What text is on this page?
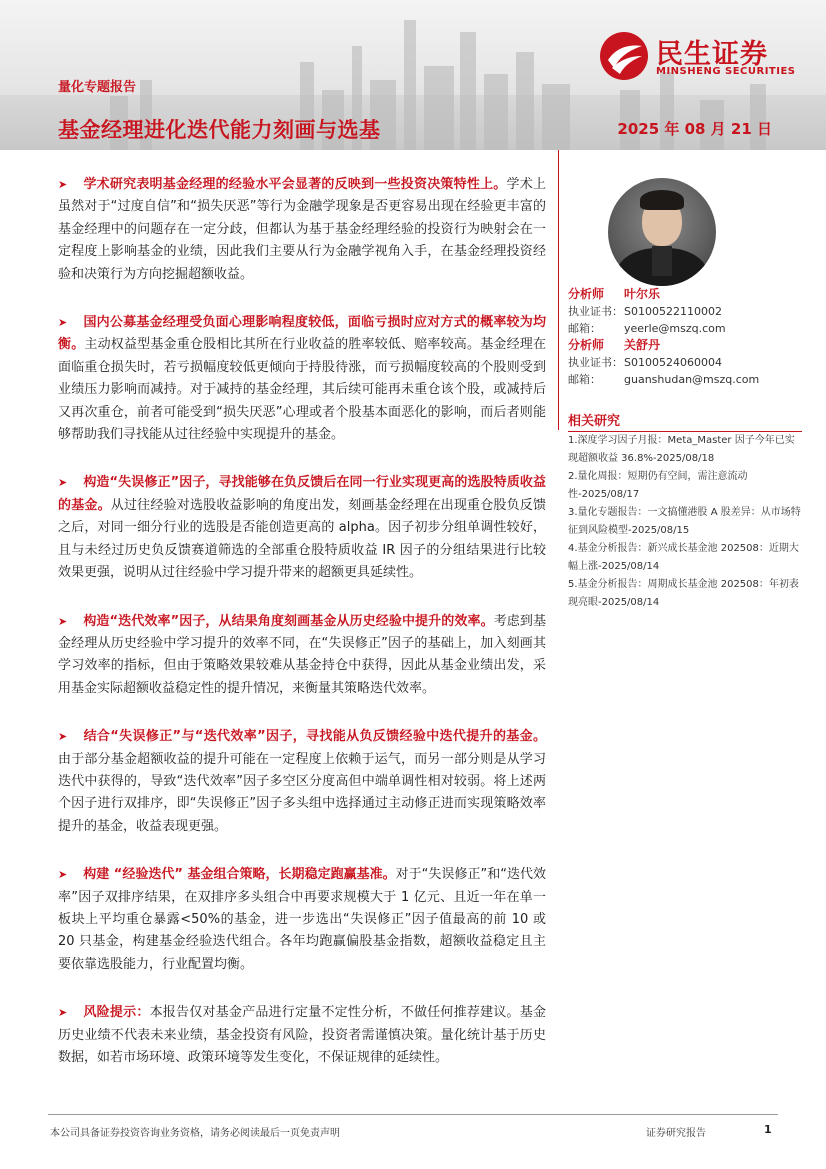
民生证券
MINSHENG SECURITIES
量化专题报告
基金经理进化迭代能力刻画与选基	2025 年 08 月 21 日

➤ 学术研究表明基金经理的经验水平会显著的反映到一些投资决策特性上。学术上虽然对于“过度自信”和“损失厌恶”等行为金融学现象是否更容易出现在经验更丰富的基金经理中的问题存在一定分歧，但都认为基于基金经理经验的投资行为映射会在一定程度上影响基金的业绩，因此我们主要从行为金融学视角入手，在基金经理投资经验和决策行为方向挖掘超额收益。

➤ 国内公募基金经理受负面心理影响程度较低，面临亏损时应对方式的概率较为均衡。主动权益型基金重仓股相比其所在行业收益的胜率较低、赔率较高。基金经理在面临重仓损失时，若亏损幅度较低更倾向于持股待涨，而亏损幅度较高的个股则受到业绩压力影响而减持。对于减持的基金经理，其后续可能再未重仓该个股，或减持后又再次重仓，前者可能受到“损失厌恶”心理或者个股基本面恶化的影响，而后者则能够帮助我们寻找能从过往经验中实现提升的基金。

➤ 构造“失误修正”因子，寻找能够在负反馈后在同一行业实现更高的选股特质收益的基金。从过往经验对选股收益影响的角度出发，刻画基金经理在出现重仓股负反馈之后，对同一细分行业的选股是否能创造更高的 alpha。因子初步分组单调性较好，且与未经过历史负反馈赛道筛选的全部重仓股特质收益 IR 因子的分组结果进行比较效果更强，说明从过往经验中学习提升带来的超额更具延续性。

➤ 构造“迭代效率”因子，从结果角度刻画基金从历史经验中提升的效率。考虑到基金经理从历史经验中学习提升的效率不同，在“失误修正”因子的基础上，加入刻画其学习效率的指标，但由于策略效果较难从基金持仓中获得，因此从基金业绩出发，采用基金实际超额收益稳定性的提升情况，来衡量其策略迭代效率。

➤ 结合“失误修正”与“迭代效率”因子，寻找能从负反馈经验中迭代提升的基金。由于部分基金超额收益的提升可能在一定程度上依赖于运气，而另一部分则是从学习迭代中获得的，导致“迭代效率”因子多空区分度高但中端单调性相对较弱。将上述两个因子进行双排序，即“失误修正”因子多头组中选择通过主动修正进而实现策略效率提升的基金，收益表现更强。

➤ 构建 “经验迭代” 基金组合策略，长期稳定跑赢基准。对于“失误修正”和“迭代效率”因子双排序结果，在双排序多头组合中再要求规模大于 1 亿元、且近一年在单一板块上平均重仓暴露<50%的基金，进一步选出“失误修正”因子值最高的前 10 或 20 只基金，构建基金经验迭代组合。各年均跑赢偏股基金指数，超额收益稳定且主要依靠选股能力，行业配置均衡。

➤ 风险提示：本报告仅对基金产品进行定量不定性分析，不做任何推荐建议。基金历史业绩不代表未来业绩，基金投资有风险，投资者需谨慎决策。量化统计基于历史数据，如若市场环境、政策环境等发生变化，不保证规律的延续性。

分析师 叶尔乐
执业证书：S0100522110002
邮箱： yeerle@mszq.com
分析师 关舒丹
执业证书：S0100524060004
邮箱： guanshudan@mszq.com
相关研究
1.深度学习因子月报：Meta_Master 因子今年已实现超额收益 36.8%-2025/08/18
2.量化周报：短期仍有空间，需注意流动性-2025/08/17
3.量化专题报告：一文搞懂港股 A 股差异：从市场特征到风险模型-2025/08/15
4.基金分析报告：新兴成长基金池 202508：近期大幅上涨-2025/08/14
5.基金分析报告：周期成长基金池 202508：年初表现亮眼-2025/08/14
本公司具备证券投资咨询业务资格，请务必阅读最后一页免责声明	证券研究报告	1
